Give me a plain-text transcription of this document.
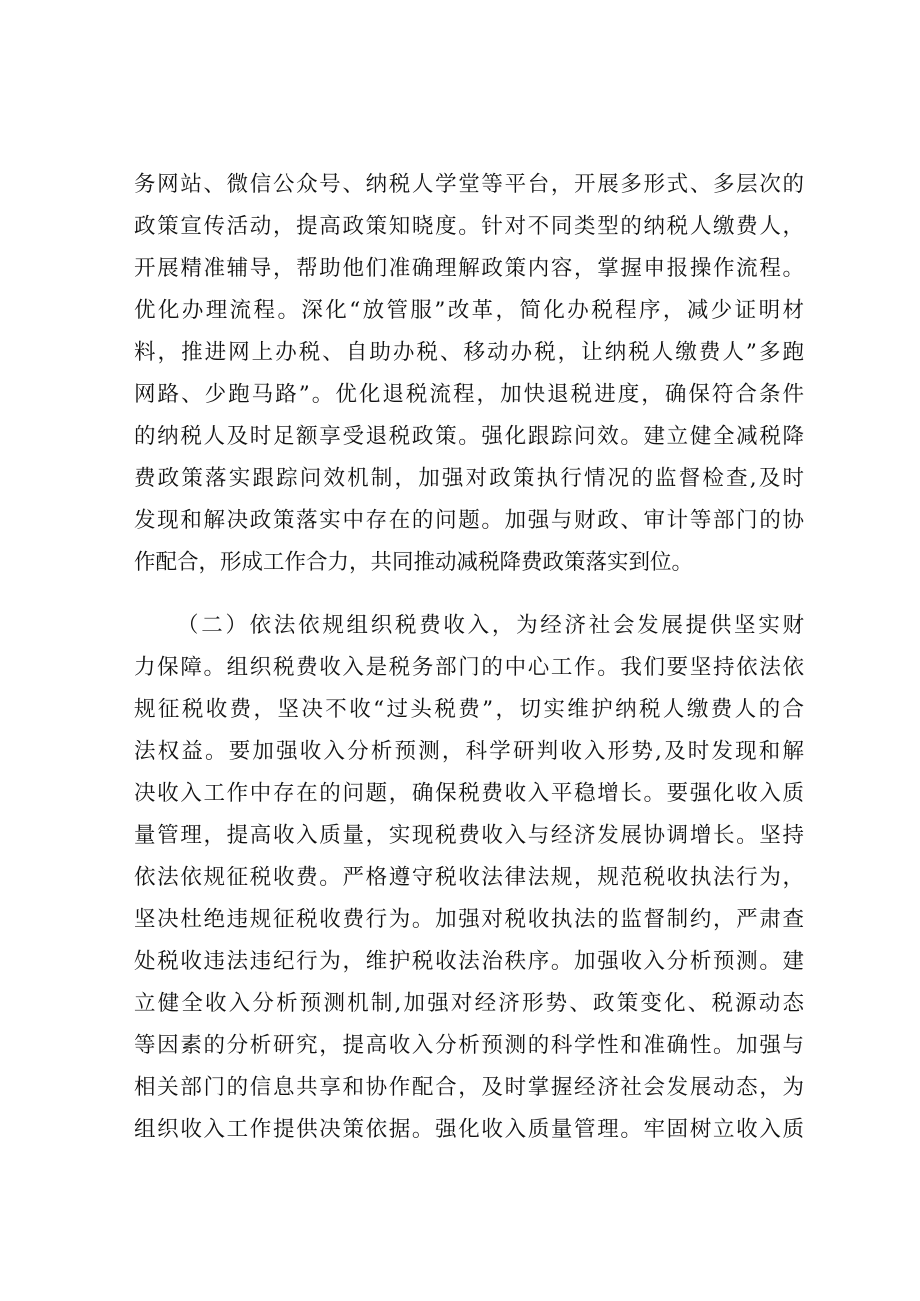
务网站、微信公众号、纳税人学堂等平台，开展多形式、多层次的
政策宣传活动，提高政策知晓度。针对不同类型的纳税人缴费人，
开展精准辅导，帮助他们准确理解政策内容，掌握申报操作流程。
优化办理流程。深化“放管服”改革，简化办税程序，减少证明材
料，推进网上办税、自助办税、移动办税，让纳税人缴费人”多跑
网路、少跑马路”。优化退税流程，加快退税进度，确保符合条件
的纳税人及时足额享受退税政策。强化跟踪问效。建立健全减税降
费政策落实跟踪问效机制，加强对政策执行情况的监督检查,及时
发现和解决政策落实中存在的问题。加强与财政、审计等部门的协
作配合，形成工作合力，共同推动减税降费政策落实到位。
（二）依法依规组织税费收入，为经济社会发展提供坚实财
力保障。组织税费收入是税务部门的中心工作。我们要坚持依法依
规征税收费，坚决不收“过头税费”，切实维护纳税人缴费人的合
法权益。要加强收入分析预测，科学研判收入形势,及时发现和解
决收入工作中存在的问题，确保税费收入平稳增长。要强化收入质
量管理，提高收入质量，实现税费收入与经济发展协调增长。坚持
依法依规征税收费。严格遵守税收法律法规，规范税收执法行为，
坚决杜绝违规征税收费行为。加强对税收执法的监督制约，严肃查
处税收违法违纪行为，维护税收法治秩序。加强收入分析预测。建
立健全收入分析预测机制,加强对经济形势、政策变化、税源动态
等因素的分析研究，提高收入分析预测的科学性和准确性。加强与
相关部门的信息共享和协作配合，及时掌握经济社会发展动态，为
组织收入工作提供决策依据。强化收入质量管理。牢固树立收入质
